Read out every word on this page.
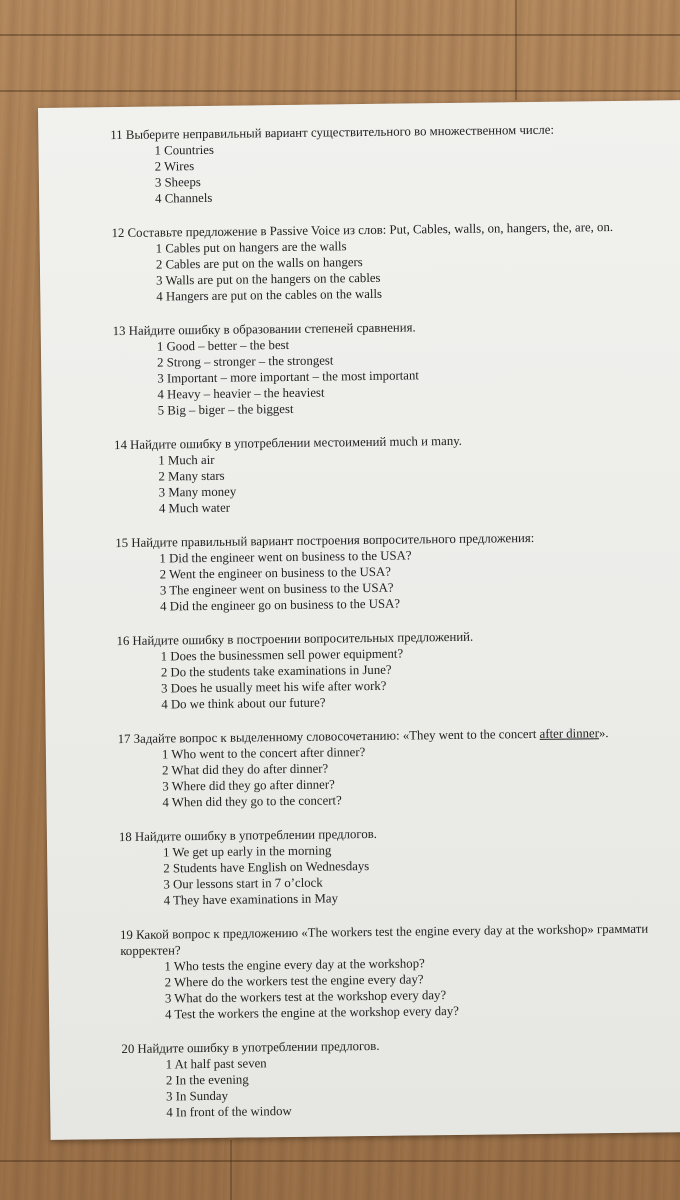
11 Выберите неправильный вариант существительного во множественном числе:
1 Countries
2 Wires
3 Sheeps
4 Channels
12 Составьте предложение в Passive Voice из слов: Put, Cables, walls, on, hangers, the, are, on.
1 Cables put on hangers are the walls
2 Cables are put on the walls on hangers
3 Walls are put on the hangers on the cables
4 Hangers are put on the cables on the walls
13 Найдите ошибку в образовании степеней сравнения.
1 Good – better – the best
2 Strong – stronger – the strongest
3 Important – more important – the most important
4 Heavy – heavier – the heaviest
5 Big – biger – the biggest
14 Найдите ошибку в употреблении местоимений much и many.
1 Much air
2 Many stars
3 Many money
4 Much water
15 Найдите правильный вариант построения вопросительного предложения:
1 Did the engineer went on business to the USA?
2 Went the engineer on business to the USA?
3 The engineer went on business to the USA?
4 Did the engineer go on business to the USA?
16 Найдите ошибку в построении вопросительных предложений.
1 Does the businessmen sell power equipment?
2 Do the students take examinations in June?
3 Does he usually meet his wife after work?
4 Do we think about our future?
17 Задайте вопрос к выделенному словосочетанию: «They went to the concert after dinner».
1 Who went to the concert after dinner?
2 What did they do after dinner?
3 Where did they go after dinner?
4 When did they go to the concert?
18 Найдите ошибку в употреблении предлогов.
1 We get up early in the morning
2 Students have English on Wednesdays
3 Our lessons start in 7 o’clock
4 They have examinations in May
19 Какой вопрос к предложению «The workers test the engine every day at the workshop» граммати
корректен?
1 Who tests the engine every day at the workshop?
2 Where do the workers test the engine every day?
3 What do the workers test at the workshop every day?
4 Test the workers the engine at the workshop every day?
20 Найдите ошибку в употреблении предлогов.
1 At half past seven
2 In the evening
3 In Sunday
4 In front of the window
